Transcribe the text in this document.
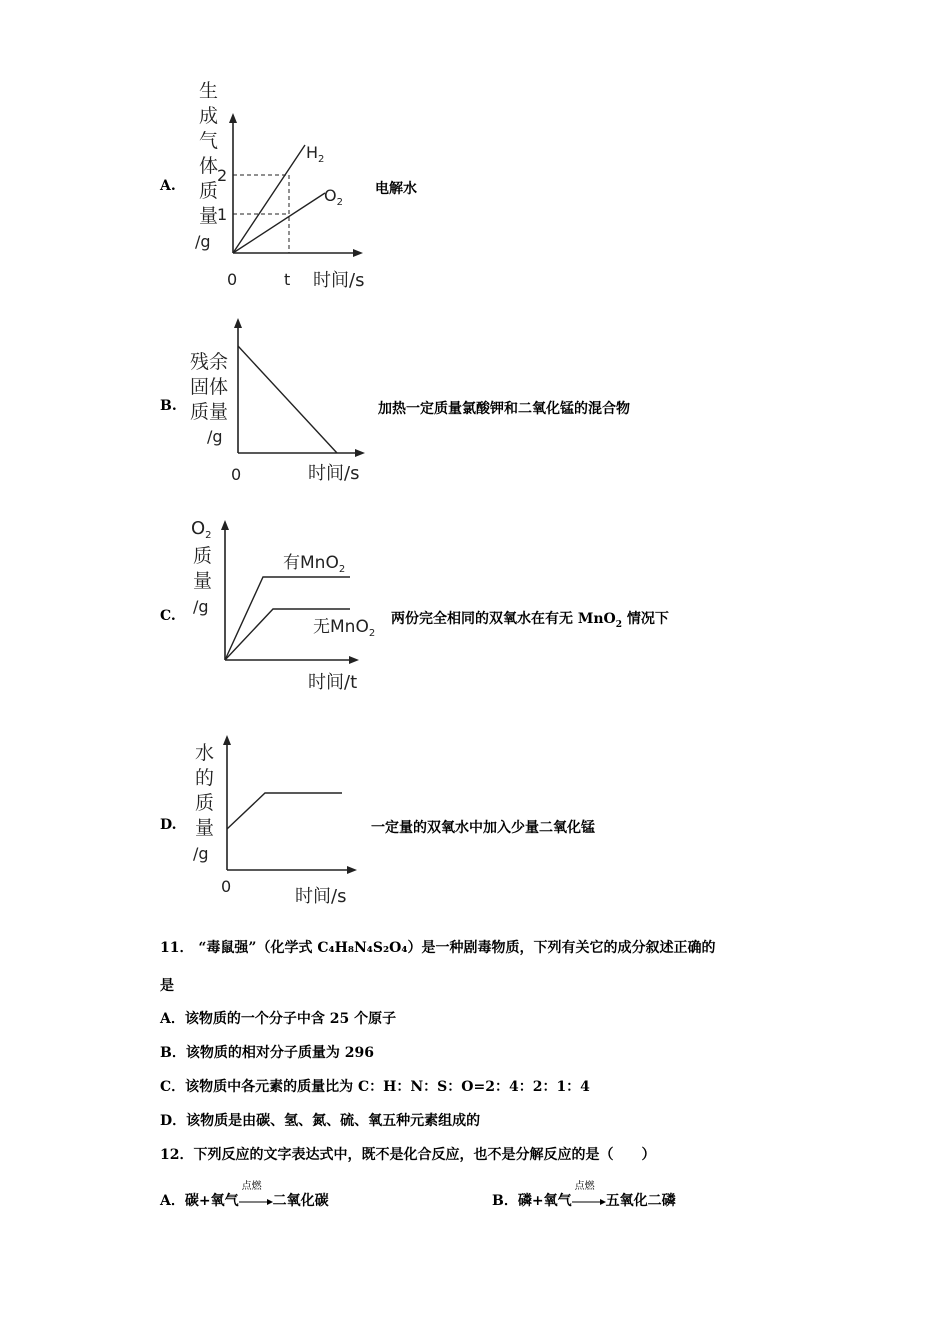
A.
生
成
气
体
质
量
/g
2
1
$H_2$
$O_2$
0	t 时间/s
电解水
B.
残余
固体
质量
/g
0	时间/s
加热一定质量氯酸钾和二氧化锰的混合物
C.
$O_2$
质
量
/g
有MnO$_2$
无MnO$_2$
时间/t
两份完全相同的双氧水在有无 MnO$_2$ 情况下
D.
水
的
质
量
/g
0	时间/s
一定量的双氧水中加入少量二氧化锰
11． “毒鼠强”（化学式 C₄H₈N₄S₂O₄）是一种剧毒物质，下列有关它的成分叙述正确的
是
A．该物质的一个分子中含 25 个原子
B．该物质的相对分子质量为 296
C．该物质中各元素的质量比为 C：H：N：S：O=2：4：2：1：4
D．该物质是由碳、氢、氮、硫、氧五种元素组成的
12．下列反应的文字表达式中，既不是化合反应，也不是分解反应的是（　　）
A．碳+氧气
点燃
二氧化碳	B．磷+氧气
点燃
五氧化二磷
